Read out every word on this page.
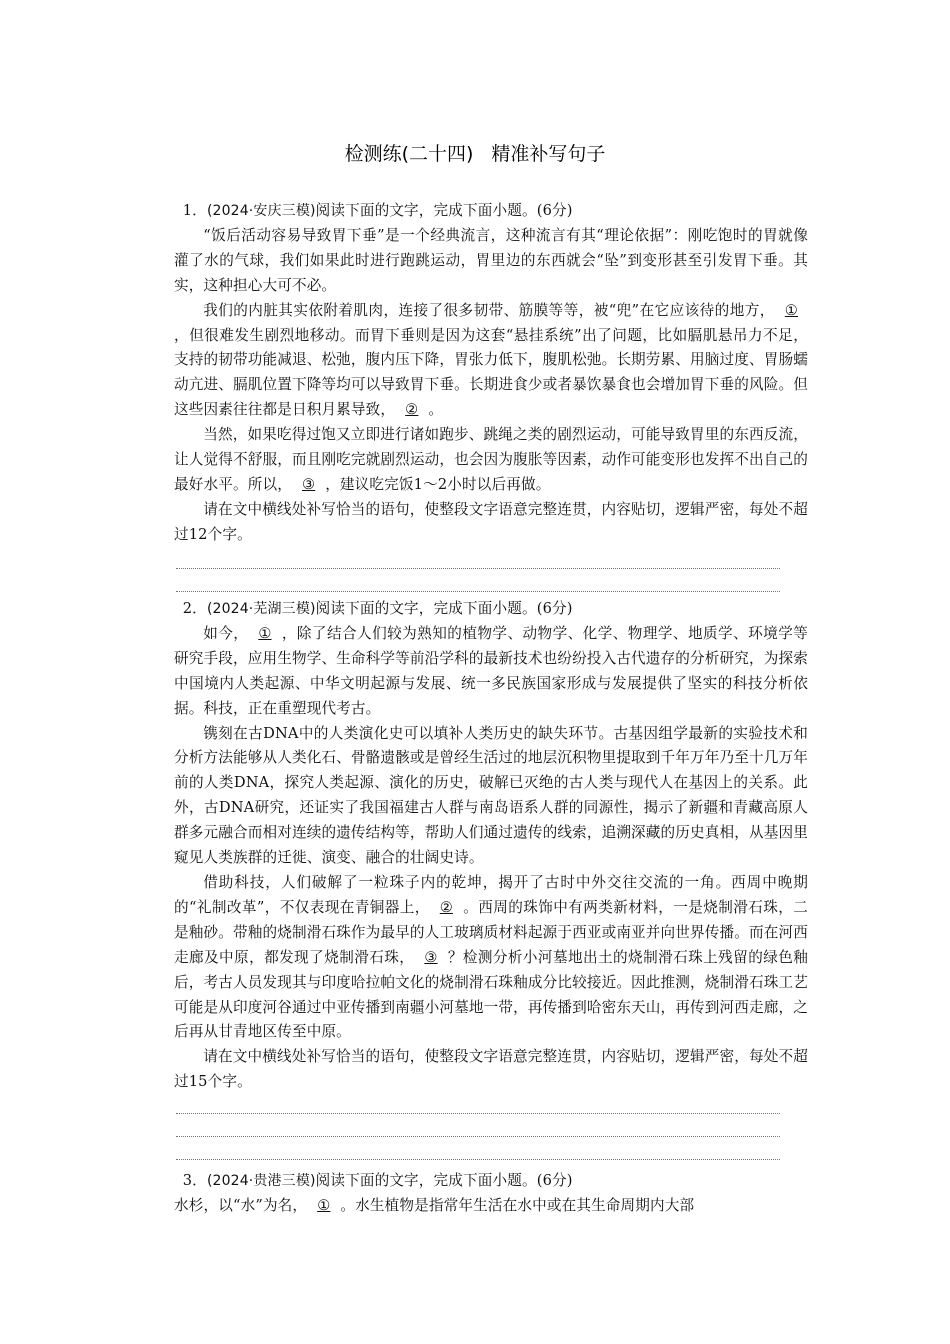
检测练(二十四) 精准补写句子

1．(2024·安庆三模)阅读下面的文字，完成下面小题。(6分)

“饭后活动容易导致胃下垂”是一个经典流言，这种流言有其“理论依据”：刚吃饱时的胃就像灌了水的气球，我们如果此时进行跑跳运动，胃里边的东西就会“坠”到变形甚至引发胃下垂。其实，这种担心大可不必。

我们的内脏其实依附着肌肉，连接了很多韧带、筋膜等等，被“兜”在它应该待的地方， ①，但很难发生剧烈地移动。而胃下垂则是因为这套“悬挂系统”出了问题，比如膈肌悬吊力不足，支持的韧带功能减退、松弛，腹内压下降，胃张力低下，腹肌松弛。长期劳累、用脑过度、胃肠蠕动亢进、膈肌位置下降等均可以导致胃下垂。长期进食少或者暴饮暴食也会增加胃下垂的风险。但这些因素往往都是日积月累导致， ② 。

当然，如果吃得过饱又立即进行诸如跑步、跳绳之类的剧烈运动，可能导致胃里的东西反流，让人觉得不舒服，而且刚吃完就剧烈运动，也会因为腹胀等因素，动作可能变形也发挥不出自己的最好水平。所以， ③ ，建议吃完饭1～2小时以后再做。

请在文中横线处补写恰当的语句，使整段文字语意完整连贯，内容贴切，逻辑严密，每处不超过12个字。

2．(2024·芜湖三模)阅读下面的文字，完成下面小题。(6分)

如今， ① ，除了结合人们较为熟知的植物学、动物学、化学、物理学、地质学、环境学等研究手段，应用生物学、生命科学等前沿学科的最新技术也纷纷投入古代遗存的分析研究，为探索中国境内人类起源、中华文明起源与发展、统一多民族国家形成与发展提供了坚实的科技分析依据。科技，正在重塑现代考古。

镌刻在古DNA中的人类演化史可以填补人类历史的缺失环节。古基因组学最新的实验技术和分析方法能够从人类化石、骨骼遗骸或是曾经生活过的地层沉积物里提取到千年万年乃至十几万年前的人类DNA，探究人类起源、演化的历史，破解已灭绝的古人类与现代人在基因上的关系。此外，古DNA研究，还证实了我国福建古人群与南岛语系人群的同源性，揭示了新疆和青藏高原人群多元融合而相对连续的遗传结构等，帮助人们通过遗传的线索，追溯深藏的历史真相，从基因里窥见人类族群的迁徙、演变、融合的壮阔史诗。

借助科技，人们破解了一粒珠子内的乾坤，揭开了古时中外交往交流的一角。西周中晚期的“礼制改革”，不仅表现在青铜器上， ② 。西周的珠饰中有两类新材料，一是烧制滑石珠，二是釉砂。带釉的烧制滑石珠作为最早的人工玻璃质材料起源于西亚或南亚并向世界传播。而在河西走廊及中原，都发现了烧制滑石珠， ③ ？检测分析小河墓地出土的烧制滑石珠上残留的绿色釉后，考古人员发现其与印度哈拉帕文化的烧制滑石珠釉成分比较接近。因此推测，烧制滑石珠工艺可能是从印度河谷通过中亚传播到南疆小河墓地一带，再传播到哈密东天山，再传到河西走廊，之后再从甘青地区传至中原。

请在文中横线处补写恰当的语句，使整段文字语意完整连贯，内容贴切，逻辑严密，每处不超过15个字。

3．(2024·贵港三模)阅读下面的文字，完成下面小题。(6分)

水杉，以“水”为名， ① 。水生植物是指常年生活在水中或在其生命周期内大部
